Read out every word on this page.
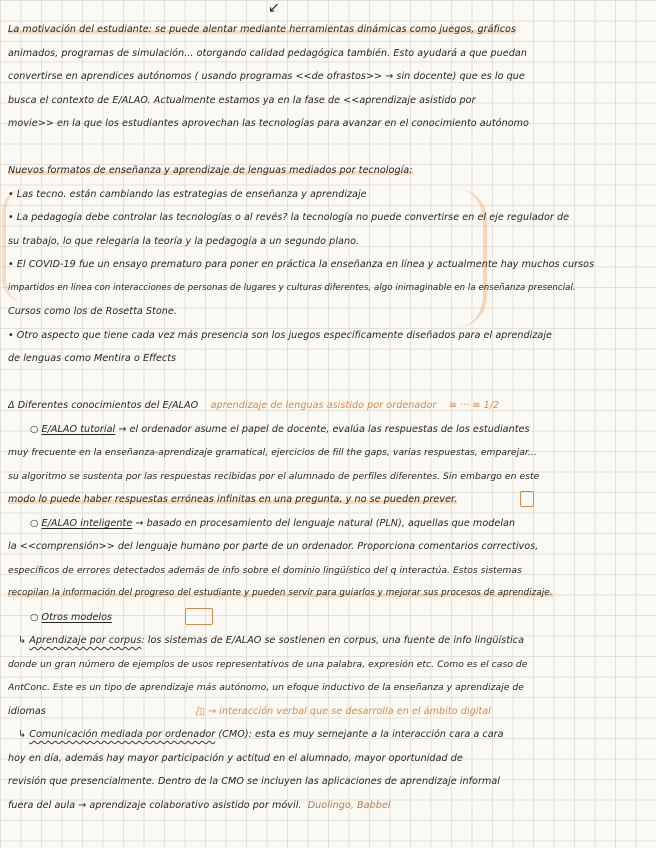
↙
La motivación del estudiante: se puede alentar mediante herramientas dinámicas como juegos, gráficos
animados, programas de simulación... otorgando calidad pedagógica también. Esto ayudará a que puedan
convertirse en aprendices autónomos ( usando programas <<de ofrastos>> → sin docente) que es lo que
busca el contexto de E/ALAO. Actualmente estamos ya en la fase de <<aprendizaje asistido por
movie>> en la que los estudiantes aprovechan las tecnologías para avanzar en el conocimiento autónomo
Nuevos formatos de enseñanza y aprendizaje de lenguas mediados por tecnología:
• Las tecno. están cambiando las estrategias de enseñanza y aprendizaje
• La pedagogía debe controlar las tecnologías o al revés? la tecnología no puede convertirse en el eje regulador de
su trabajo, lo que relegaría la teoría y la pedagogía a un segundo plano.
• El COVID-19 fue un ensayo prematuro para poner en práctica la enseñanza en línea y actualmente hay muchos cursos
impartidos en línea con interacciones de personas de lugares y culturas diferentes, algo inimaginable en la enseñanza presencial.
Cursos como los de Rosetta Stone.
• Otro aspecto que tiene cada vez más presencia son los juegos específicamente diseñados para el aprendizaje
de lenguas como Mentira o Effects
Δ Diferentes conocimientos del E/ALAO aprendizaje de lenguas asistido por ordenador ≡ ··· ≡ 1/2
○ E/ALAO tutorial → el ordenador asume el papel de docente, evalúa las respuestas de los estudiantes
muy frecuente en la enseñanza-aprendizaje gramatical, ejercicios de fill the gaps, varias respuestas, emparejar...
su algoritmo se sustenta por las respuestas recibidas por el alumnado de perfiles diferentes. Sin embargo en este
modo lo puede haber respuestas erróneas infinitas en una pregunta, y no se pueden prever.
○ E/ALAO inteligente → basado en procesamiento del lenguaje natural (PLN), aquellas que modelan
la <<comprensión>> del lenguaje humano por parte de un ordenador. Proporciona comentarios correctivos,
específicos de errores detectados además de info sobre el dominio lingüístico del q interactúa. Estos sistemas
recopilan la información del progreso del estudiante y pueden servir para guiarlos y mejorar sus procesos de aprendizaje.
○ Otros modelos
↳ Aprendizaje por corpus: los sistemas de E/ALAO se sostienen en corpus, una fuente de info lingüística
donde un gran número de ejemplos de usos representativos de una palabra, expresión etc. Como es el caso de
AntConc. Este es un tipo de aprendizaje más autónomo, un efoque inductivo de la enseñanza y aprendizaje de
idiomas	⟅▯ → interacción verbal que se desarrolla en el ámbito digital
↳ Comunicación mediada por ordenador (CMO): esta es muy semejante a la interacción cara a cara
hoy en día, además hay mayor participación y actitud en el alumnado, mayor oportunidad de
revisión que presencialmente. Dentro de la CMO se incluyen las aplicaciones de aprendizaje informal
fuera del aula → aprendizaje colaborativo asistido por móvil. Duolingo, Babbel
